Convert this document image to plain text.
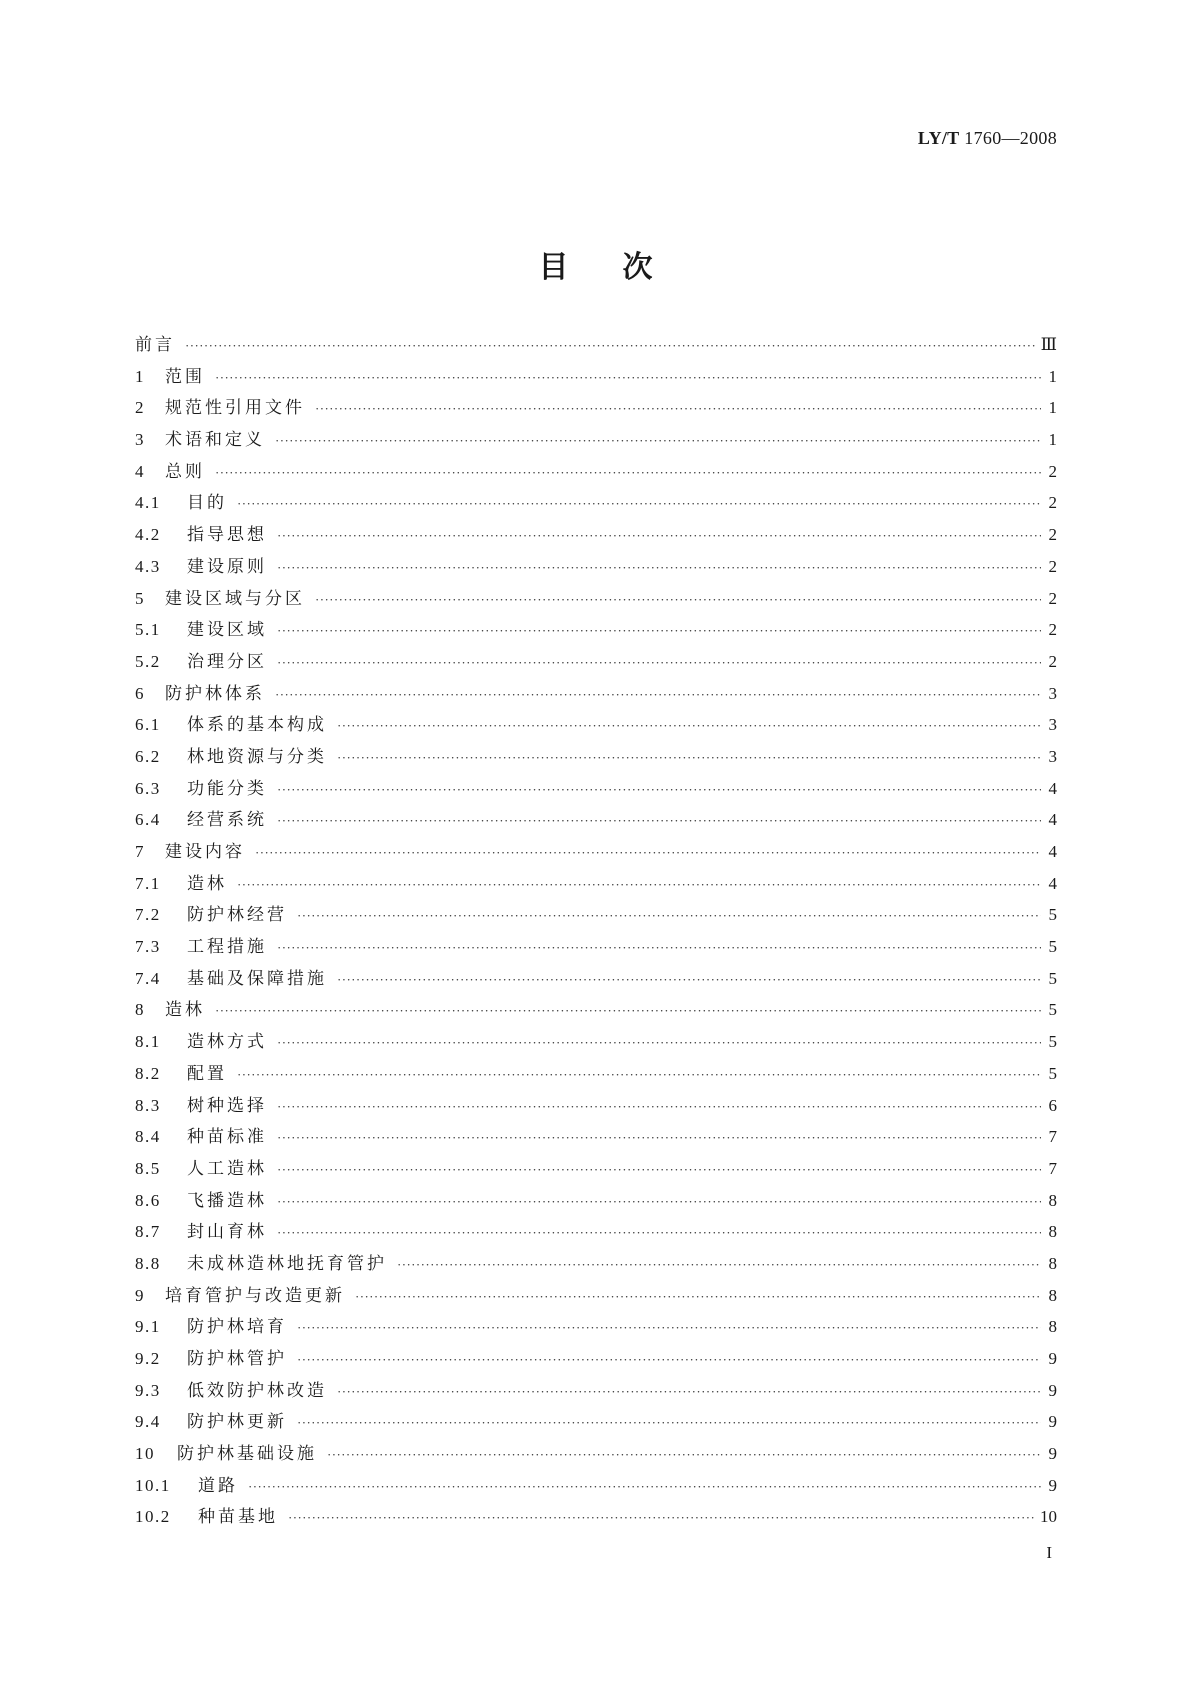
LY/T 1760—2008
目 次
前言 ·····	Ⅲ
1	范围 ·····	1
2	规范性引用文件 ·····	1
3	术语和定义 ·····	1
4	总则 ·····	2
4.1	目的 ·····	2
4.2	指导思想 ·····	2
4.3	建设原则 ·····	2
5	建设区域与分区 ·····	2
5.1	建设区域 ·····	2
5.2	治理分区 ·····	2
6	防护林体系 ·····	3
6.1	体系的基本构成 ·····	3
6.2	林地资源与分类 ·····	3
6.3	功能分类 ·····	4
6.4	经营系统 ·····	4
7	建设内容 ·····	4
7.1	造林 ·····	4
7.2	防护林经营 ·····	5
7.3	工程措施 ·····	5
7.4	基础及保障措施 ·····	5
8	造林 ·····	5
8.1	造林方式 ·····	5
8.2	配置 ·····	5
8.3	树种选择 ·····	6
8.4	种苗标准 ·····	7
8.5	人工造林 ·····	7
8.6	飞播造林 ·····	8
8.7	封山育林 ·····	8
8.8	未成林造林地抚育管护 ·····	8
9	培育管护与改造更新 ·····	8
9.1	防护林培育 ·····	8
9.2	防护林管护 ·····	9
9.3	低效防护林改造 ·····	9
9.4	防护林更新 ·····	9
10	防护林基础设施 ·····	9
10.1	道路 ·····	9
10.2	种苗基地 ·····	10
I
